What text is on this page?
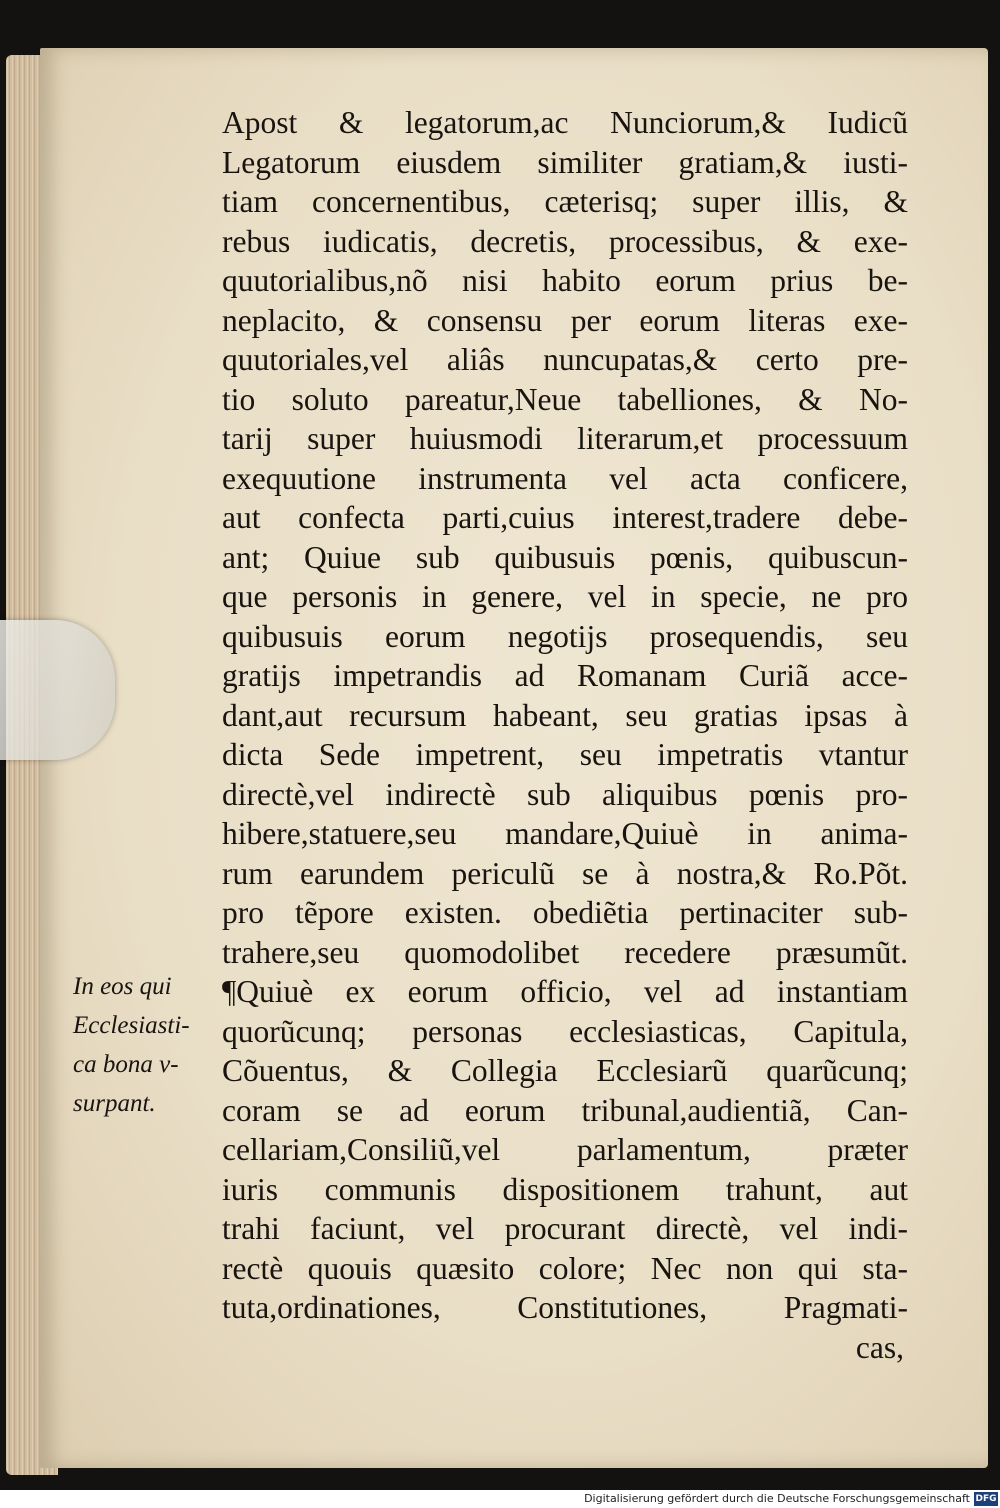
In eos qui
Ecclesiasti-
ca bona v-
surpant.
Apost & legatorum,ac Nunciorum,& Iudicũ
Legatorum eiusdem similiter gratiam,& iusti-
tiam concernentibus, cæterisq; super illis, &
rebus iudicatis, decretis, processibus, & exe-
quutorialibus,nõ nisi habito eorum prius be-
neplacito, & consensu per eorum literas exe-
quutoriales,vel aliâs nuncupatas,& certo pre-
tio soluto pareatur,Neue tabelliones, & No-
tarij super huiusmodi literarum,et processuum
exequutione instrumenta vel acta conficere,
aut confecta parti,cuius interest,tradere debe-
ant; Quiue sub quibusuis pœnis, quibuscun-
que personis in genere, vel in specie, ne pro
quibusuis eorum negotijs prosequendis, seu
gratijs impetrandis ad Romanam Curiã acce-
dant,aut recursum habeant, seu gratias ipsas à
dicta Sede impetrent, seu impetratis vtantur
directè,vel indirectè sub aliquibus pœnis pro-
hibere,statuere,seu mandare,Quiuè in anima-
rum earundem periculũ se à nostra,& Ro.Põt.
pro tẽpore existen. obediẽtia pertinaciter sub-
trahere,seu quomodolibet recedere præsumũt.
¶Quiuè ex eorum officio, vel ad instantiam
quorũcunq; personas ecclesiasticas, Capitula,
Cõuentus, & Collegia Ecclesiarũ quarũcunq;
coram se ad eorum tribunal,audientiã, Can-
cellariam,Consiliũ,vel parlamentum, præter
iuris communis dispositionem trahunt, aut
trahi faciunt, vel procurant directè, vel indi-
rectè quouis quæsito colore; Nec non qui sta-
tuta,ordinationes, Constitutiones, Pragmati-
cas,
Digitalisierung gefördert durch die Deutsche Forschungsgemeinschaft DFG
